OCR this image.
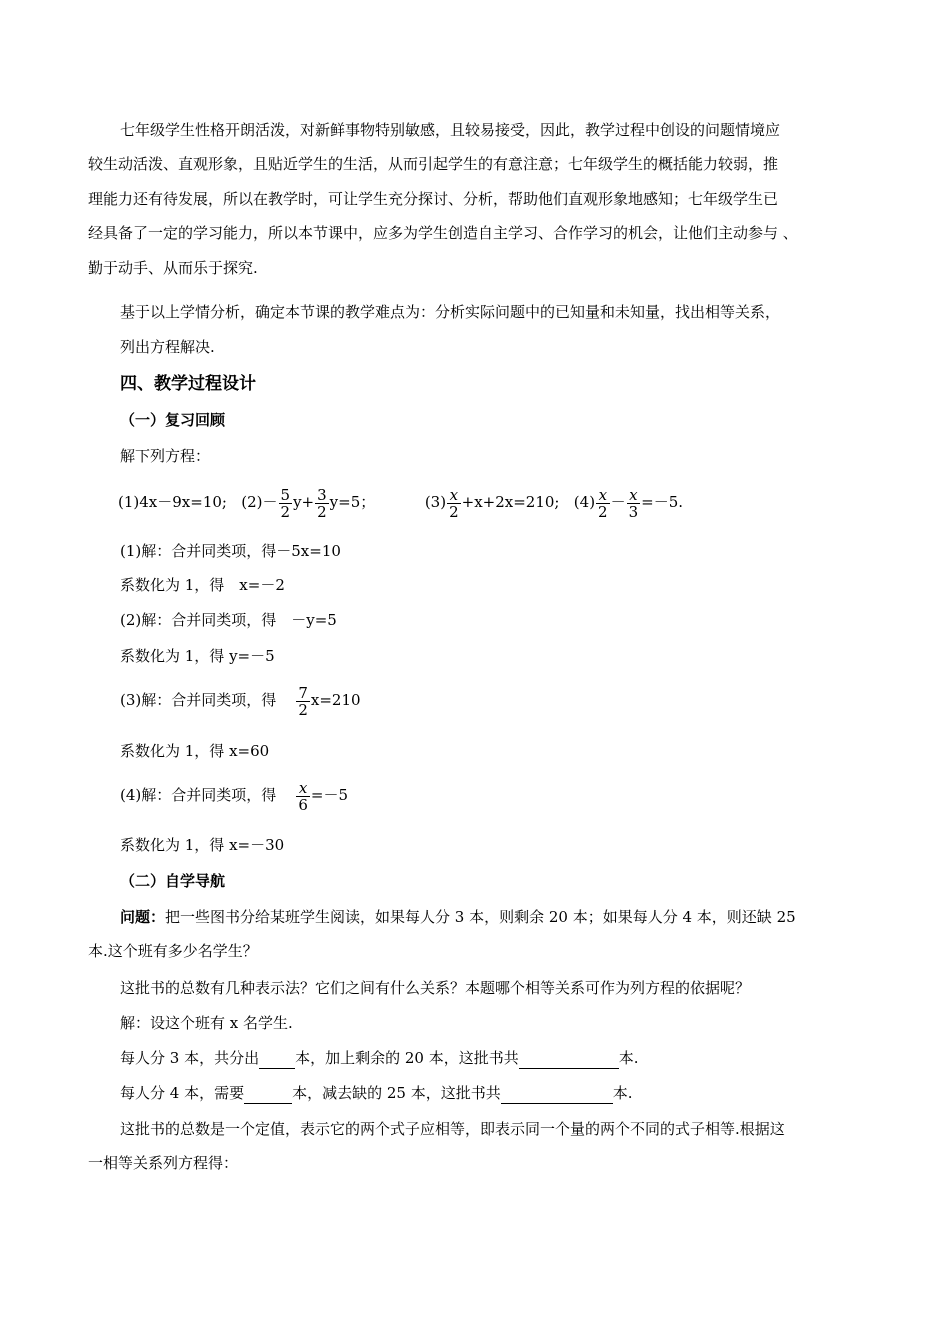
七年级学生性格开朗活泼，对新鲜事物特别敏感，且较易接受，因此，教学过程中创设的问题情境应
较生动活泼、直观形象，且贴近学生的生活，从而引起学生的有意注意；七年级学生的概括能力较弱，推
理能力还有待发展，所以在教学时，可让学生充分探讨、分析，帮助他们直观形象地感知；七年级学生已
经具备了一定的学习能力，所以本节课中，应多为学生创造自主学习、合作学习的机会，让他们主动参与 、
勤于动手、从而乐于探究.
基于以上学情分析，确定本节课的教学难点为：分析实际问题中的已知量和未知量，找出相等关系，
列出方程解决.
四、教学过程设计
（一）复习回顾
解下列方程：
(1)4x－9x=10; $(2)- \frac{5}{2} y+ \frac{3}{2} y=5$；	$(3) \frac{x}{2} +x+2x=210$; $(4) \frac{x}{2} - \frac{x}{3} =-5$.
(1)解：合并同类项，得－5x=10
系数化为 1，得　x=－2
(2)解：合并同类项，得　－y=5
系数化为 1，得 y=－5
(3)解：合并同类项，得 $\frac{7}{2} x=210$
系数化为 1，得 x=60
(4)解：合并同类项，得 $\frac{x}{6} =-5$
系数化为 1，得 x=－30
（二）自学导航
问题：把一些图书分给某班学生阅读，如果每人分 3 本，则剩余 20 本；如果每人分 4 本，则还缺 25
本.这个班有多少名学生？
这批书的总数有几种表示法？它们之间有什么关系？本题哪个相等关系可作为列方程的依据呢？
解：设这个班有 x 名学生.
每人分 3 本，共分出 本，加上剩余的 20 本，这批书共	本.
每人分 4 本，需要	本，减去缺的 25 本，这批书共	本.
这批书的总数是一个定值，表示它的两个式子应相等，即表示同一个量的两个不同的式子相等.根据这
一相等关系列方程得：
